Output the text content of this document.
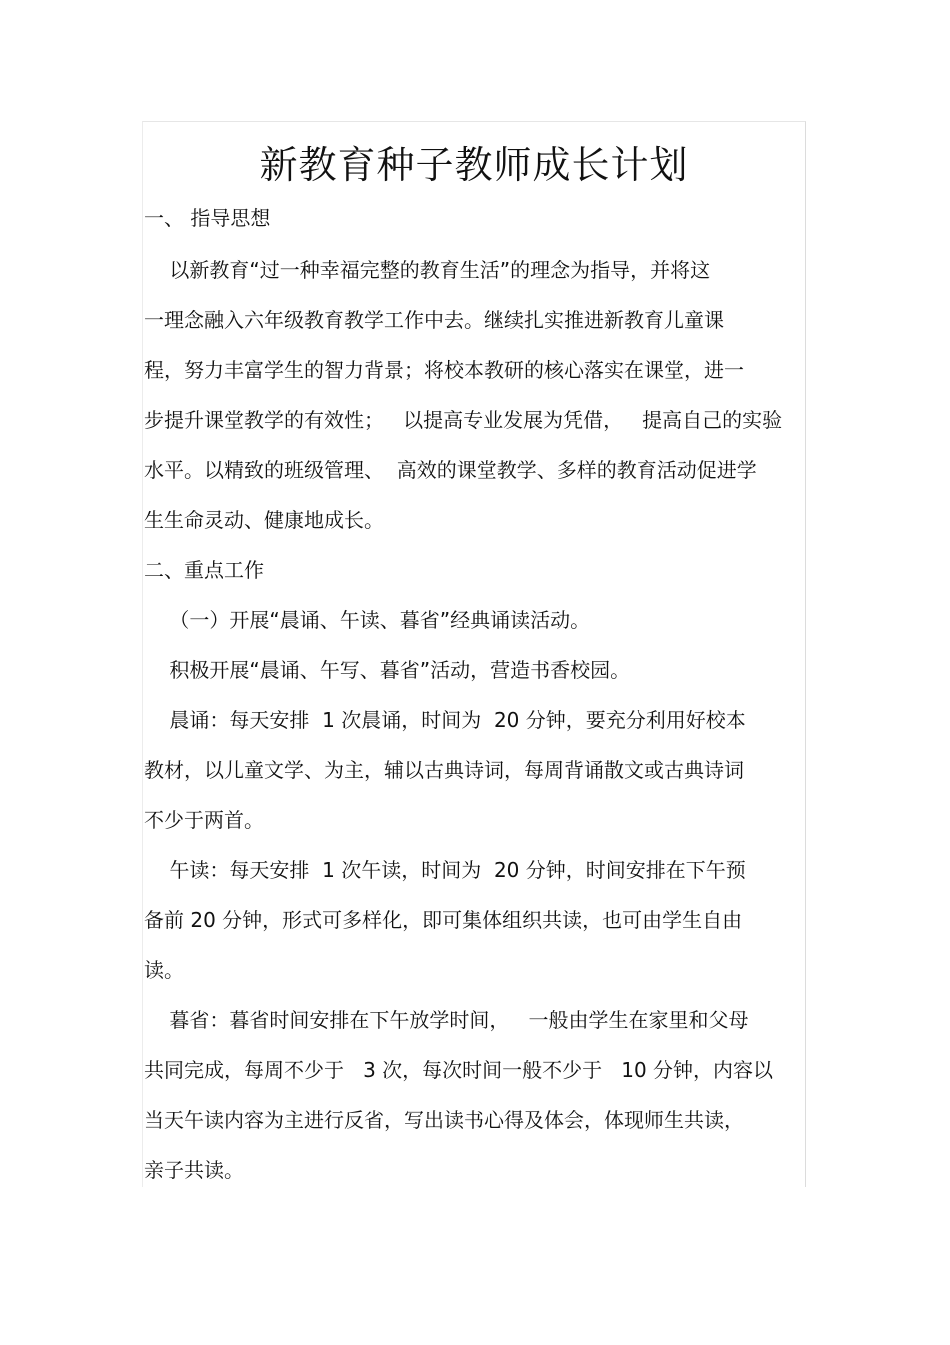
新教育种子教师成长计划

一、 指导思想

以新教育“过一种幸福完整的教育生活”的理念为指导，并将这

一理念融入六年级教育教学工作中去。继续扎实推进新教育儿童课

程，努力丰富学生的智力背景；将校本教研的核心落实在课堂，进一

步提升课堂教学的有效性；   以提高专业发展为凭借，   提高自己的实验

水平。以精致的班级管理、  高效的课堂教学、多样的教育活动促进学

生生命灵动、健康地成长。

二、重点工作

（一）开展“晨诵、午读、暮省”经典诵读活动。

积极开展“晨诵、午写、暮省”活动，营造书香校园。

晨诵：每天安排  1 次晨诵，时间为  20 分钟，要充分利用好校本

教材，以儿童文学、为主，辅以古典诗词，每周背诵散文或古典诗词

不少于两首。

午读：每天安排  1 次午读，时间为  20 分钟，时间安排在下午预

备前 20 分钟，形式可多样化，即可集体组织共读，也可由学生自由

读。

暮省：暮省时间安排在下午放学时间，   一般由学生在家里和父母

共同完成，每周不少于   3 次，每次时间一般不少于   10 分钟，内容以

当天午读内容为主进行反省，写出读书心得及体会，体现师生共读，

亲子共读。
